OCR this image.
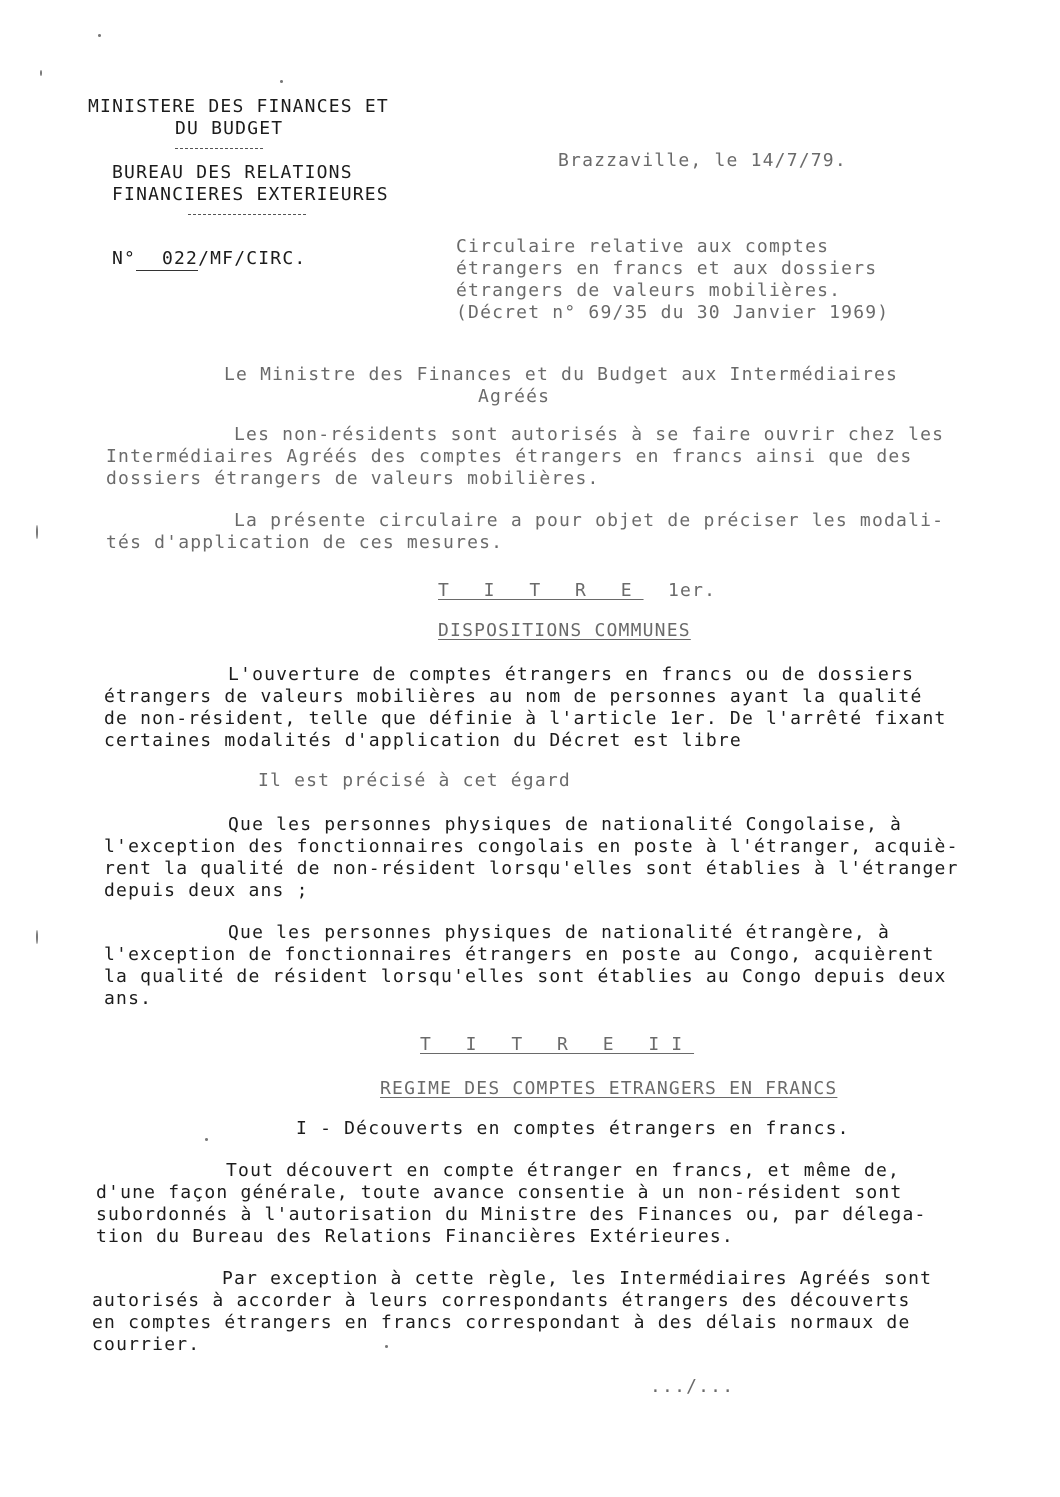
MINISTERE DES FINANCES ET
DU BUDGET
BUREAU DES RELATIONS
FINANCIERES EXTERIEURES
N° 022/MF/CIRC.
Brazzaville, le 14/7/79.
Circulaire relative aux comptes
étrangers en francs et aux dossiers
étrangers de valeurs mobilières.
(Décret n° 69/35 du 30 Janvier 1969)
Le Ministre des Finances et du Budget aux Intermédiaires
Agréés
Les non-résidents sont autorisés à se faire ouvrir chez les
Intermédiaires Agréés des comptes étrangers en francs ainsi que des
dossiers étrangers de valeurs mobilières.
La présente circulaire a pour objet de préciser les modali-
tés d'application de ces mesures.
T I T R E 1er.
DISPOSITIONS COMMUNES
L'ouverture de comptes étrangers en francs ou de dossiers
étrangers de valeurs mobilières au nom de personnes ayant la qualité
de non-résident, telle que définie à l'article 1er. De l'arrêté fixant
certaines modalités d'application du Décret est libre
Il est précisé à cet égard
Que les personnes physiques de nationalité Congolaise, à
l'exception des fonctionnaires congolais en poste à l'étranger, acquiè-
rent la qualité de non-résident lorsqu'elles sont établies à l'étranger
depuis deux ans ;
Que les personnes physiques de nationalité étrangère, à
l'exception de fonctionnaires étrangers en poste au Congo, acquièrent
la qualité de résident lorsqu'elles sont établies au Congo depuis deux
ans.
T I T R E II
REGIME DES COMPTES ETRANGERS EN FRANCS
I - Découverts en comptes étrangers en francs.
Tout découvert en compte étranger en francs, et même de,
d'une façon générale, toute avance consentie à un non-résident sont
subordonnés à l'autorisation du Ministre des Finances ou, par délega-
tion du Bureau des Relations Financières Extérieures.
Par exception à cette règle, les Intermédiaires Agréés sont
autorisés à accorder à leurs correspondants étrangers des découverts
en comptes étrangers en francs correspondant à des délais normaux de
courrier.
.../...
